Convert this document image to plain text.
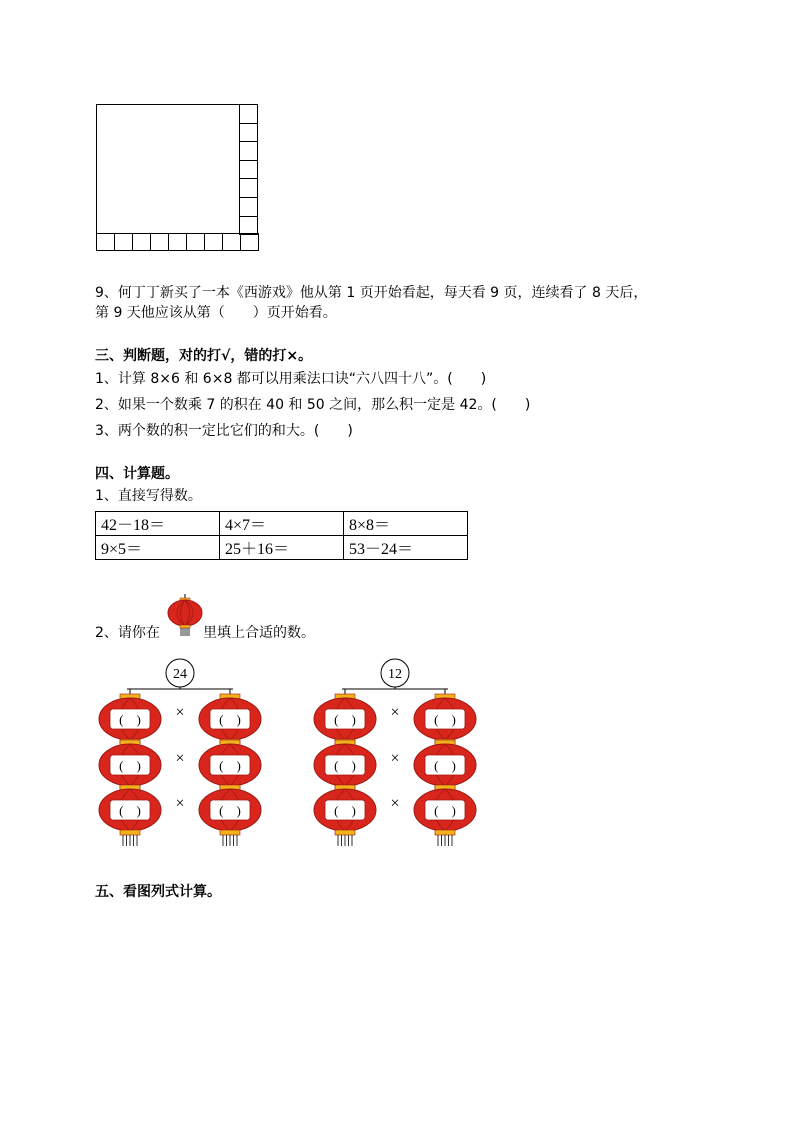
9、何丁丁新买了一本《西游戏》他从第 1 页开始看起，每天看 9 页，连续看了 8 天后，
第 9 天他应该从第（　　）页开始看。
三、判断题，对的打√，错的打×。
1、计算 8×6 和 6×8 都可以用乘法口诀“六八四十八”。(　　)
2、如果一个数乘 7 的积在 40 和 50 之间，那么积一定是 42。(　　)
3、两个数的积一定比它们的和大。(　　)
四、计算题。
1、直接写得数。
42－18＝	4×7＝	8×8＝
9×5＝	25＋16＝	53－24＝
2、请你在	里填上合适的数。
24
(　)	(　)
×
(　)	(　)
×
(　)	(　)
×
12
(　)	(　)
×
(　)	(　)
×
(　)	(　)
×
五、看图列式计算。
